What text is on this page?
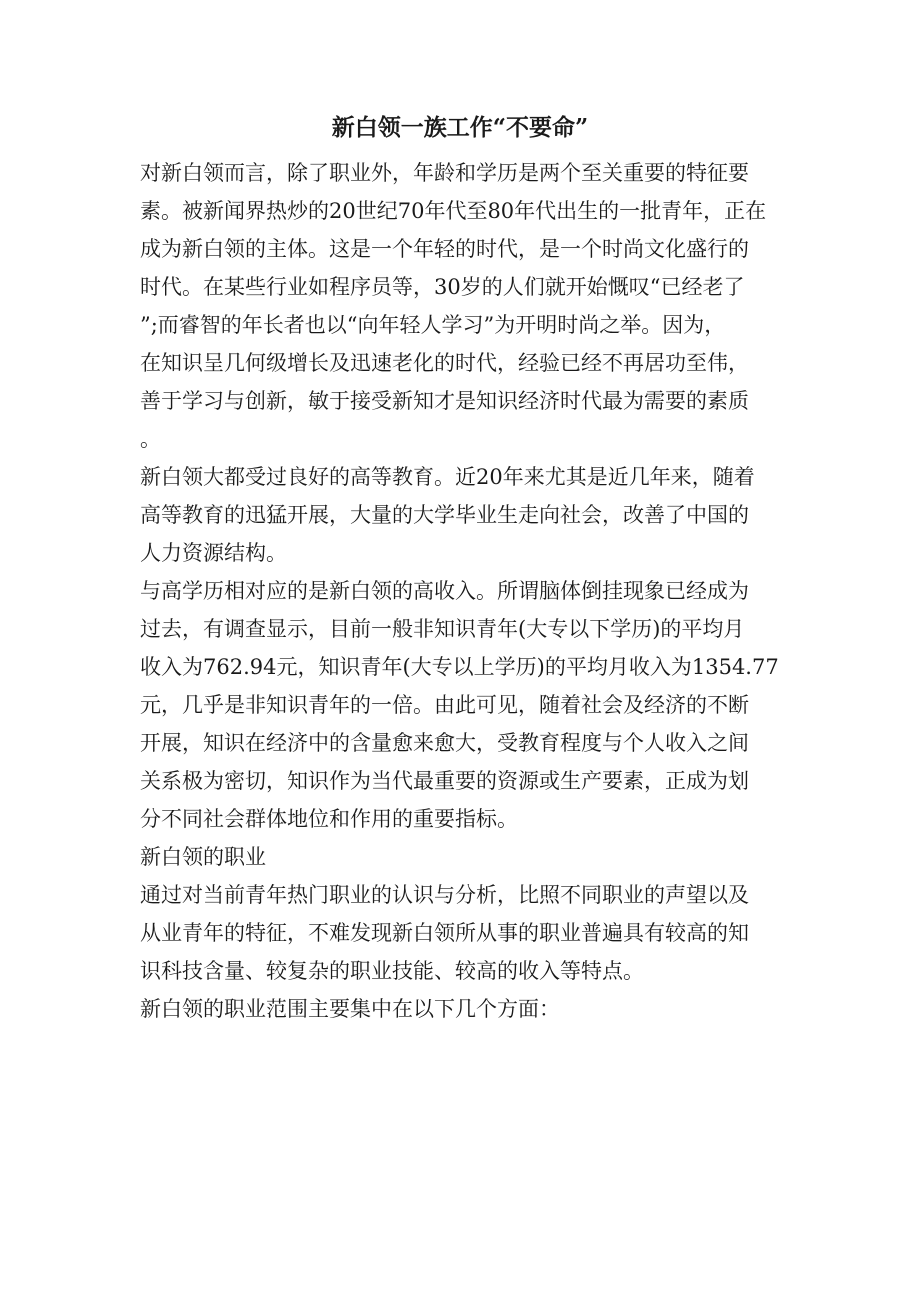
新白领一族工作“不要命”
对新白领而言，除了职业外，年龄和学历是两个至关重要的特征要
素。被新闻界热炒的20世纪70年代至80年代出生的一批青年，正在
成为新白领的主体。这是一个年轻的时代，是一个时尚文化盛行的
时代。在某些行业如程序员等，30岁的人们就开始慨叹“已经老了
”;而睿智的年长者也以“向年轻人学习”为开明时尚之举。因为，
在知识呈几何级增长及迅速老化的时代，经验已经不再居功至伟，
善于学习与创新，敏于接受新知才是知识经济时代最为需要的素质
。
新白领大都受过良好的高等教育。近20年来尤其是近几年来，随着
高等教育的迅猛开展，大量的大学毕业生走向社会，改善了中国的
人力资源结构。
与高学历相对应的是新白领的高收入。所谓脑体倒挂现象已经成为
过去，有调查显示，目前一般非知识青年(大专以下学历)的平均月
收入为762.94元，知识青年(大专以上学历)的平均月收入为1354.77
元，几乎是非知识青年的一倍。由此可见，随着社会及经济的不断
开展，知识在经济中的含量愈来愈大，受教育程度与个人收入之间
关系极为密切，知识作为当代最重要的资源或生产要素，正成为划
分不同社会群体地位和作用的重要指标。
新白领的职业
通过对当前青年热门职业的认识与分析，比照不同职业的声望以及
从业青年的特征，不难发现新白领所从事的职业普遍具有较高的知
识科技含量、较复杂的职业技能、较高的收入等特点。
新白领的职业范围主要集中在以下几个方面：
